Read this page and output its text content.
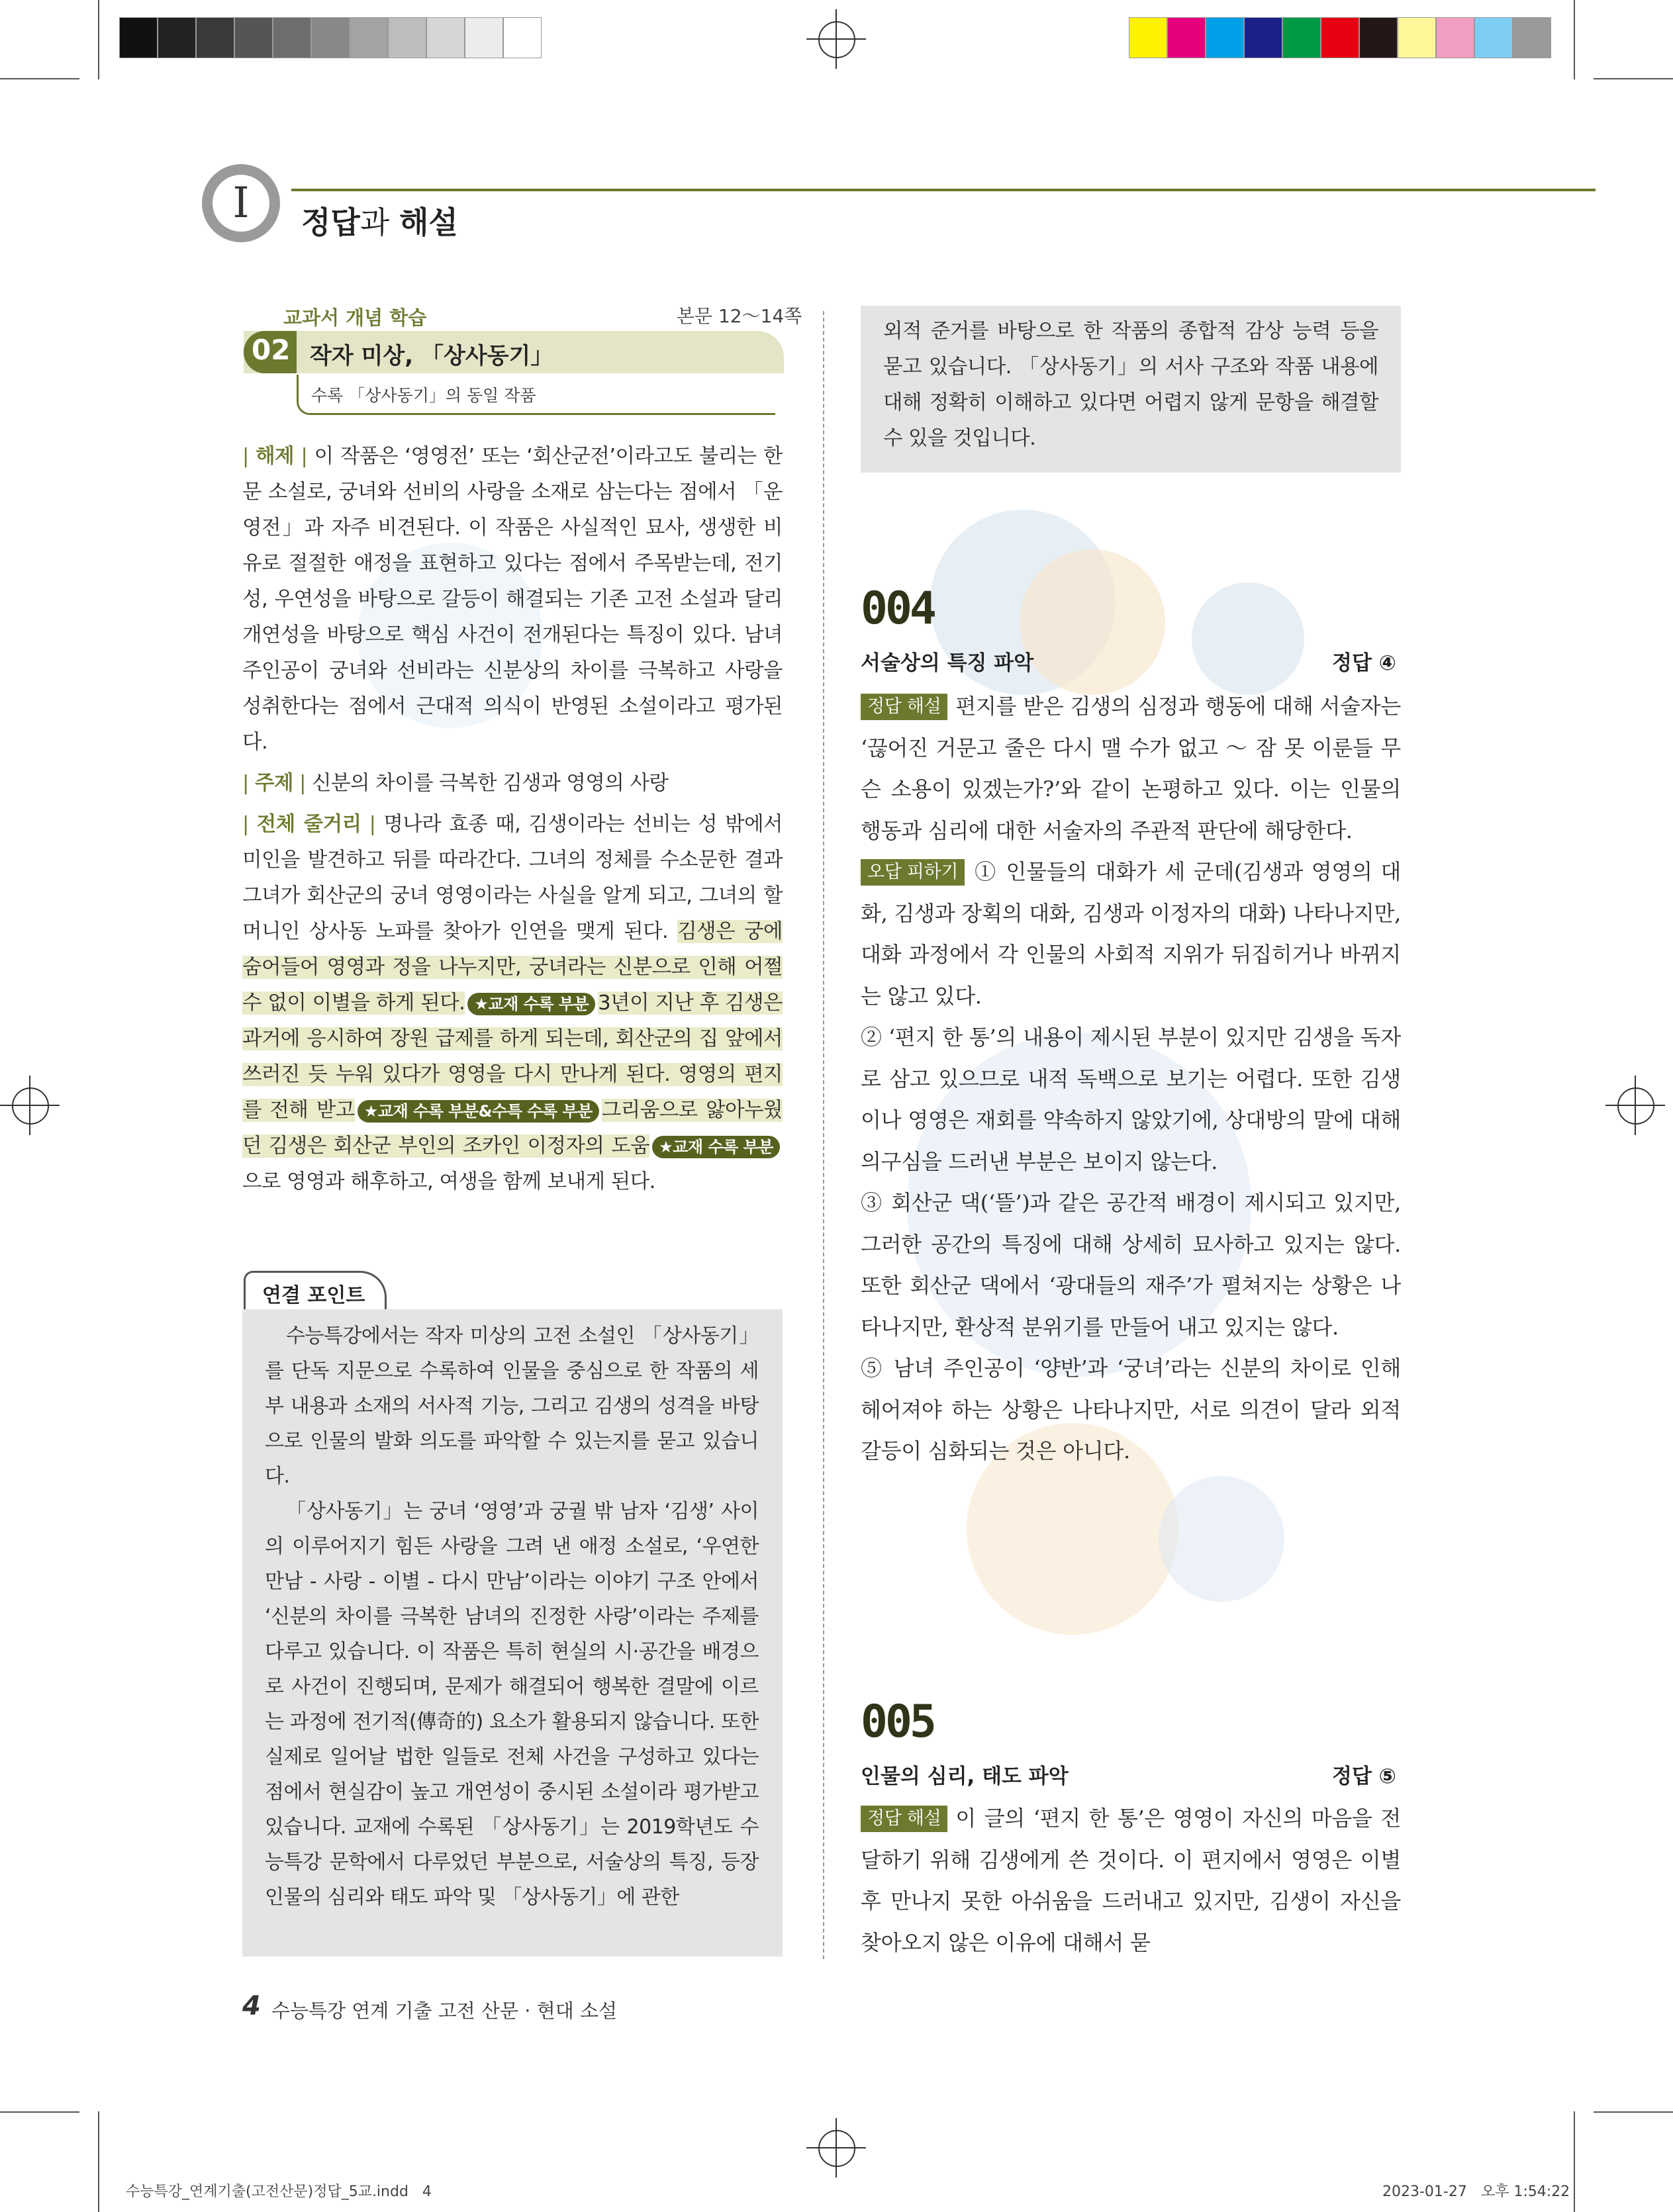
I	정답과 해설
교과서 개념 학습	본문 12～14쪽
02 작자 미상, 「상사동기」
수록 「상사동기」의 동일 작품

| 해제 | 이 작품은 ‘영영전’ 또는 ‘회산군전’이라고도 불리는 한 문 소설로, 궁녀와 선비의 사랑을 소재로 삼는다는 점에서 「운영전」과 자주 비견된다. 이 작품은 사실적인 묘사, 생생한 비유로 절절한 애정을 표현하고 있다는 점에서 주목받는데, 전기성, 우연성을 바탕으로 갈등이 해결되는 기존 고전 소설과 달리 개연성을 바탕으로 핵심 사건이 전개된다는 특징이 있다. 남녀 주인공이 궁녀와 선비라는 신분상의 차이를 극복하고 사랑을 성취한다는 점에서 근대적 의식이 반영된 소설이라고 평가된다.

| 주제 | 신분의 차이를 극복한 김생과 영영의 사랑

| 전체 줄거리 | 명나라 효종 때, 김생이라는 선비는 성 밖에서 미인을 발견하고 뒤를 따라간다. 그녀의 정체를 수소문한 결과 그녀가 회산군의 궁녀 영영이라는 사실을 알게 되고, 그녀의 할머니인 상사동 노파를 찾아가 인연을 맺게 된다. 김생은 궁에 숨어들어 영영과 정을 나누지만, 궁녀라는 신분으로 인해 어쩔 수 없이 이별을 하게 된다. ★교재 수록 부분 3년이 지난 후 김생은 과거에 응시하여 장원 급제를 하게 되는데, 회산군의 집 앞에서 쓰러진 듯 누워 있다가 영영을 다시 만나게 된다. 영영의 편지를 전해 받고 ★교재 수록 부분&수특 수록 부분 그리움으로 앓아누웠던 김생은 회산군 부인의 조카인 이정자의 도움 ★교재 수록 부분으로 영영과 해후하고, 여생을 함께 보내게 된다.

연결 포인트

수능특강에서는 작자 미상의 고전 소설인 「상사동기」를 단독 지문으로 수록하여 인물을 중심으로 한 작품의 세부 내용과 소재의 서사적 기능, 그리고 김생의 성격을 바탕으로 인물의 발화 의도를 파악할 수 있는지를 묻고 있습니다.

「상사동기」는 궁녀 ‘영영’과 궁궐 밖 남자 ‘김생’ 사이의 이루어지기 힘든 사랑을 그려 낸 애정 소설로, ‘우연한 만남 - 사랑 - 이별 - 다시 만남’이라는 이야기 구조 안에서 ‘신분의 차이를 극복한 남녀의 진정한 사랑’이라는 주제를 다루고 있습니다. 이 작품은 특히 현실의 시·공간을 배경으로 사건이 진행되며, 문제가 해결되어 행복한 결말에 이르는 과정에 전기적(傳奇的) 요소가 활용되지 않습니다. 또한 실제로 일어날 법한 일들로 전체 사건을 구성하고 있다는 점에서 현실감이 높고 개연성이 중시된 소설이라 평가받고 있습니다. 교재에 수록된 「상사동기」는 2019학년도 수능특강 문학에서 다루었던 부분으로, 서술상의 특징, 등장인물의 심리와 태도 파악 및 「상사동기」에 관한

외적 준거를 바탕으로 한 작품의 종합적 감상 능력 등을 묻고 있습니다. 「상사동기」의 서사 구조와 작품 내용에 대해 정확히 이해하고 있다면 어렵지 않게 문항을 해결할 수 있을 것입니다.

004
서술상의 특징 파악	정답 ④

정답 해설 편지를 받은 김생의 심정과 행동에 대해 서술자는 ‘끊어진 거문고 줄은 다시 맬 수가 없고 ～ 잠 못 이룬들 무슨 소용이 있겠는가?’와 같이 논평하고 있다. 이는 인물의 행동과 심리에 대한 서술자의 주관적 판단에 해당한다.

오답 피하기 ① 인물들의 대화가 세 군데(김생과 영영의 대화, 김생과 장획의 대화, 김생과 이정자의 대화) 나타나지만, 대화 과정에서 각 인물의 사회적 지위가 뒤집히거나 바뀌지는 않고 있다.

② ‘편지 한 통’의 내용이 제시된 부분이 있지만 김생을 독자로 삼고 있으므로 내적 독백으로 보기는 어렵다. 또한 김생이나 영영은 재회를 약속하지 않았기에, 상대방의 말에 대해 의구심을 드러낸 부분은 보이지 않는다.

③ 회산군 댁(‘뜰’)과 같은 공간적 배경이 제시되고 있지만, 그러한 공간의 특징에 대해 상세히 묘사하고 있지는 않다. 또한 회산군 댁에서 ‘광대들의 재주’가 펼쳐지는 상황은 나타나지만, 환상적 분위기를 만들어 내고 있지는 않다.

⑤ 남녀 주인공이 ‘양반’과 ‘궁녀’라는 신분의 차이로 인해 헤어져야 하는 상황은 나타나지만, 서로 의견이 달라 외적 갈등이 심화되는 것은 아니다.

005
인물의 심리, 태도 파악	정답 ⑤

정답 해설 이 글의 ‘편지 한 통’은 영영이 자신의 마음을 전달하기 위해 김생에게 쓴 것이다. 이 편지에서 영영은 이별 후 만나지 못한 아쉬움을 드러내고 있지만, 김생이 자신을 찾아오지 않은 이유에 대해서 묻

4 수능특강 연계 기출 고전 산문 · 현대 소설
수능특강_연계기출(고전산문)정답_5교.indd   4	2023-01-27   오후 1:54:22
